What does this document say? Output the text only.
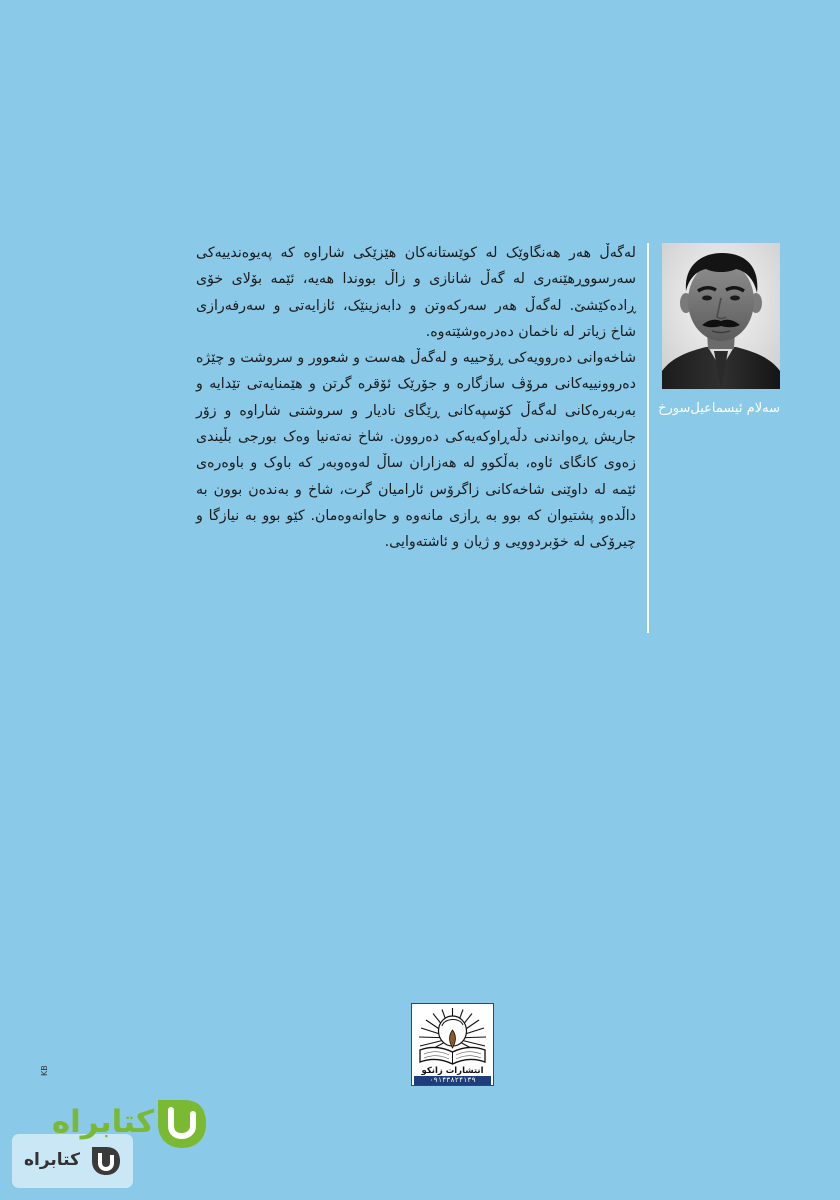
سەلام ئیسماعیل‌سورخ

لەگەڵ هەر هەنگاوێک لە کوێستانەکان هێزێکی شاراوە کە پەیوەندییەکی سەرسووڕهێنەری لە گەڵ شانازی و زاڵ بووندا هەیە، ئێمە بۆلای خۆی ڕادەکێشێ. لەگەڵ هەر سەرکەوتن و دابەزینێک، ئازایەتی و سەرفەرازی شاخ زیاتر لە ناخمان دەدرەوشێتەوە.

شاخەوانی دەروویەکی ڕۆحییە و لەگەڵ هەست و شعوور و سروشت و چێژە دەروونییەکانی مرۆڤ سازگارە و جۆرێک ئۆقرە گرتن و هێمنایەتی تێدایە و بەربەرەکانی لەگەڵ کۆسپەکانی ڕێگای نادیار و سروشتی شاراوە و زۆر جاریش ڕەواندنی دڵەڕاوکەیەکی دەروون. شاخ نەتەنیا وەک بورجی بڵیندی زەوی کانگای ئاوە، بەڵکوو لە هەزاران ساڵ لەوەوبەر کە باوک و باوەرەی ئێمە لە داوێنی شاخەکانی زاگرۆس ئارامیان گرت، شاخ و بەندەن بوون بە داڵدەو پشتیوان کە بوو بە ڕازی مانەوە و حاوانەوەمان. کێو بوو بە نیازگا و چیرۆکی لە خۆبردوویی و ژیان و ئاشتەوایی.

انتشارات زانکو
۰۹۱۴۳۸۲۴۱۳۹
KB
کتابراه
کتابراه
